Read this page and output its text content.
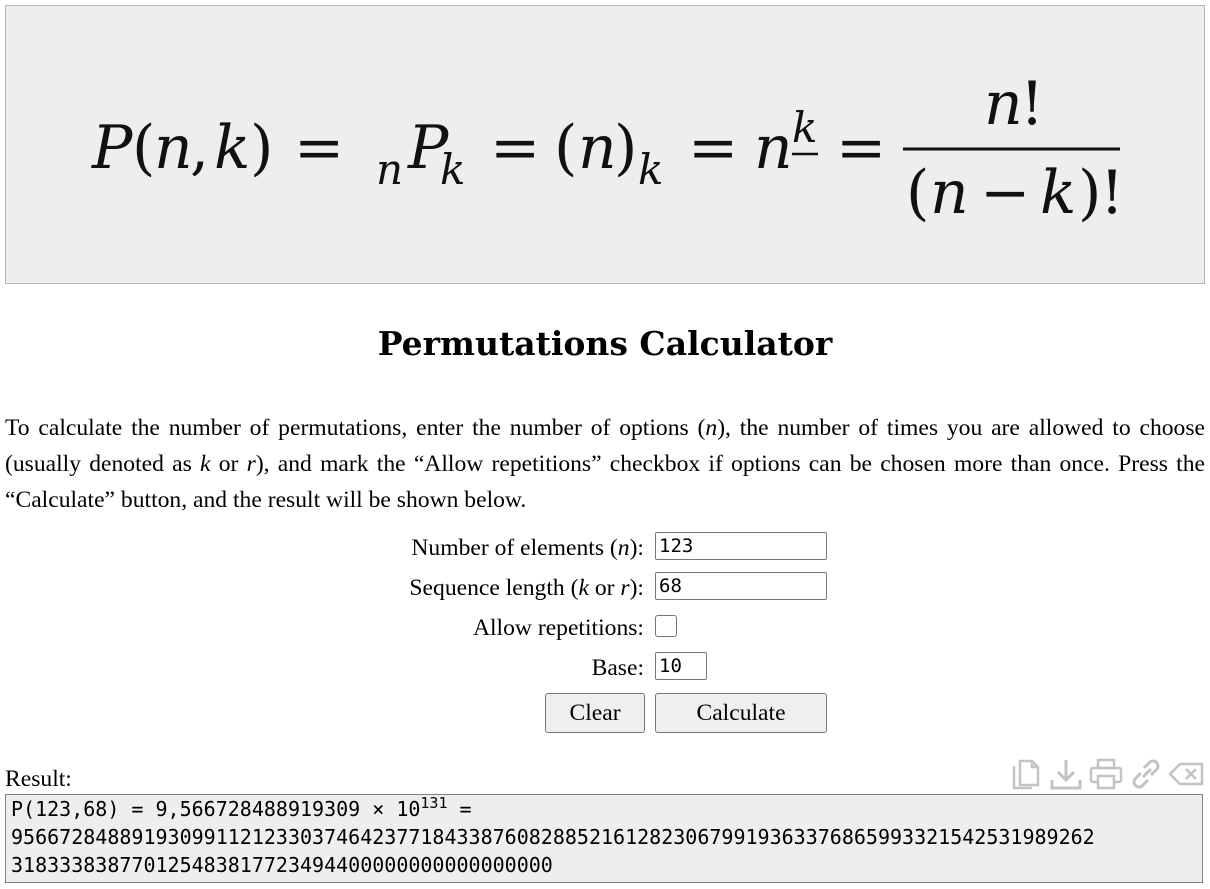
P (
n
, k ) = n P
k = ( n
) k = n k =
n
!
( n − k )
!
Permutations Calculator

To calculate the number of permutations, enter the number of options (n), the number of times you are allowed to choose (usually denoted as k or r), and mark the “Allow repetitions” checkbox if options can be chosen more than once. Press the “Calculate” button, and the result will be shown below.

Number of elements (n):
123
Sequence length (k or r):
68
Allow repetitions:
Base:
10
Clear	Calculate
Result:
$P(123,68) = 9,566728488919309 \times 10^{131}$ =
956672848891930991121233037464237718433876082885216128230679919363376865993321542531989262
318333838770125483817723494400000000000000000
